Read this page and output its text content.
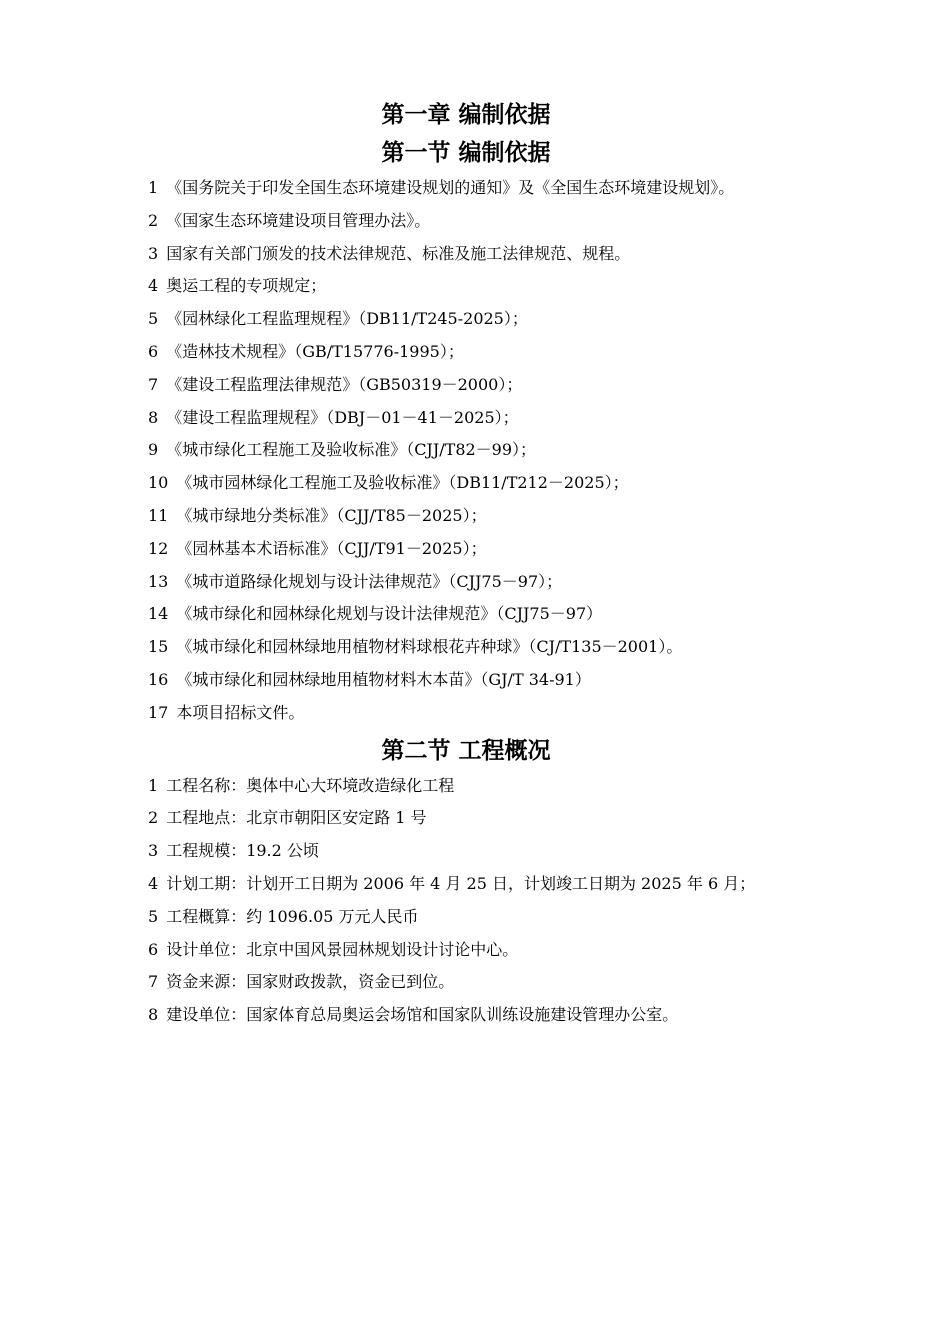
第一章 编制依据
第一节 编制依据
1 《国务院关于印发全国生态环境建设规划的通知》及《全国生态环境建设规划》。
2 《国家生态环境建设项目管理办法》。
3 国家有关部门颁发的技术法律规范、标准及施工法律规范、规程。
4 奥运工程的专项规定；
5 《园林绿化工程监理规程》（DB11/T245-2025）；
6 《造林技术规程》（GB/T15776-1995）；
7 《建设工程监理法律规范》（GB50319－2000）；
8 《建设工程监理规程》（DBJ－01－41－2025）；
9 《城市绿化工程施工及验收标准》（CJJ/T82－99）；
10 《城市园林绿化工程施工及验收标准》（DB11/T212－2025）；
11 《城市绿地分类标准》（CJJ/T85－2025）；
12 《园林基本术语标准》（CJJ/T91－2025）；
13 《城市道路绿化规划与设计法律规范》（CJJ75－97）；
14 《城市绿化和园林绿化规划与设计法律规范》（CJJ75－97）
15 《城市绿化和园林绿地用植物材料球根花卉种球》（CJ/T135－2001）。
16 《城市绿化和园林绿地用植物材料木本苗》（GJ/T 34-91）
17 本项目招标文件。
第二节 工程概况
1 工程名称：奥体中心大环境改造绿化工程
2 工程地点：北京市朝阳区安定路 1 号
3 工程规模：19.2 公顷
4 计划工期：计划开工日期为 2006 年 4 月 25 日，计划竣工日期为 2025 年 6 月；
5 工程概算：约 1096.05 万元人民币
6 设计单位：北京中国风景园林规划设计讨论中心。
7 资金来源：国家财政拨款，资金已到位。
8 建设单位：国家体育总局奥运会场馆和国家队训练设施建设管理办公室。
